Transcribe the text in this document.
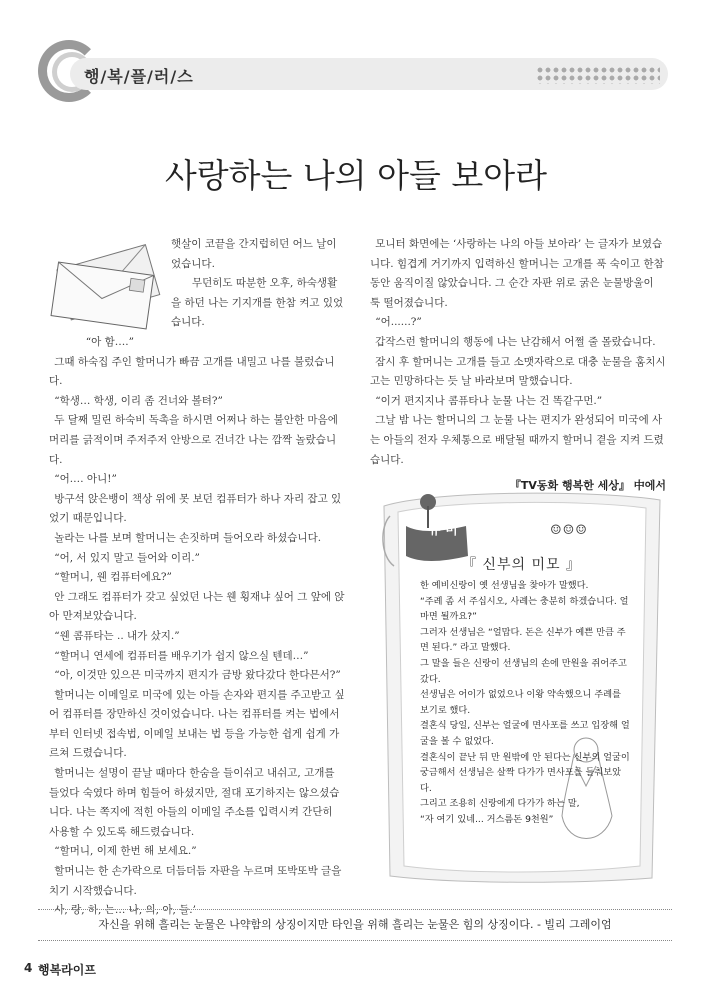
행/복/플/러/스
사랑하는 나의 아들 보아라

햇살이 코끝을 간지럽히던 어느 날이었습니다.

무던히도 따분한 오후, 하숙생활을 하던 나는 기지개를 한참 켜고 있었습니다.

“아 함….”

그때 하숙집 주인 할머니가 빠끔 고개를 내밀고 나를 불렀습니다.

“학생… 학생, 이리 좀 건너와 볼텨?”

두 달째 밀린 하숙비 독촉을 하시면 어쩌나 하는 불안한 마음에 머리를 긁적이며 주저주저 안방으로 건너간 나는 깜짝 놀랐습니다.

“어.… 아니!”

방구석 앉은뱅이 책상 위에 못 보던 컴퓨터가 하나 자리 잡고 있었기 때문입니다.

놀라는 나를 보며 할머니는 손짓하며 들어오라 하셨습니다.

“어, 서 있지 말고 들어와 이리.”

“할머니, 웬 컴퓨터에요?”

안 그래도 컴퓨터가 갖고 싶었던 나는 웬 횡재냐 싶어 그 앞에 앉아 만져보았습니다.

“웬 콤퓨타는 .. 내가 샀지.”

“할머니 연세에 컴퓨터를 배우기가 쉽지 않으실 텐데…”

“아, 이것만 있으믄 미국까지 편지가 금방 왔다갔다 한다믄서?”

할머니는 이메일로 미국에 있는 아들 손자와 편지를 주고받고 싶어 컴퓨터를 장만하신 것이었습니다. 나는 컴퓨터를 켜는 법에서부터 인터넷 접속법, 이메일 보내는 법 등을 가능한 쉽게 쉽게 가르쳐 드렸습니다.

할머니는 설명이 끝날 때마다 한숨을 들이쉬고 내쉬고, 고개를 들었다 숙였다 하며 힘들어 하셨지만, 절대 포기하지는 않으셨습니다. 나는 쪽지에 적힌 아들의 이메일 주소를 입력시켜 간단히 사용할 수 있도록 해드렸습니다.

“할머니, 이제 한번 해 보세요.”

할머니는 한 손가락으로 더듬더듬 자판을 누르며 또박또박 글을 치기 시작했습니다.

사, 랑, 하, 는… 나, 의, 아, 들.’

모니터 화면에는 ‘사랑하는 나의 아들 보아라’ 는 글자가 보였습니다. 힘겹게 거기까지 입력하신 할머니는 고개를 푹 숙이고 한참동안 움직이질 않았습니다. 그 순간 자판 위로 굵은 눈물방울이 툭 떨어졌습니다.

“어......?”

갑작스런 할머니의 행동에 나는 난감해서 어쩔 줄 몰랐습니다.

잠시 후 할머니는 고개를 들고 소맷자락으로 대충 눈물을 훔치시고는 민망하다는 듯 날 바라보며 말했습니다.

“이거 편지지나 콤퓨타나 눈물 나는 건 똑같구먼.”

그날 밤 나는 할머니의 그 눈물 나는 편지가 완성되어 미국에 사는 아들의 전자 우체통으로 배달될 때까지 할머니 곁을 지켜 드렸습니다.

『TV동화 행복한 세상』 中에서
유 머	☺☺☺
『 신부의 미모 』

한 예비신랑이 옛 선생님을 찾아가 말했다.

“주례 좀 서 주십시오, 사례는 충분히 하겠습니다. 얼마면 될까요?”

그러자 선생님은 “얼맙다. 돈은 신부가 예쁜 만큼 주면 된다.” 라고 말했다.

그 말을 들은 신랑이 선생님의 손에 만원을 쥐어주고 갔다.

선생님은 어이가 없었으나 이왕 약속했으니 주례를 보기로 했다.

결혼식 당일, 신부는 얼굴에 면사포를 쓰고 입장해 얼굴을 볼 수 없었다.

결혼식이 끝난 뒤 만 원밖에 안 된다는 신부의 얼굴이 궁금해서 선생님은 살짝 다가가 면사포를 들춰보았다.

그리고 조용히 신랑에게 다가가 하는 말,

“자 여기 있네... 거스름돈 9천원”

자신을 위해 흘리는 눈물은 나약함의 상징이지만 타인을 위해 흘리는 눈물은 힘의 상징이다. - 빌리 그레이엄
4 행복라이프
